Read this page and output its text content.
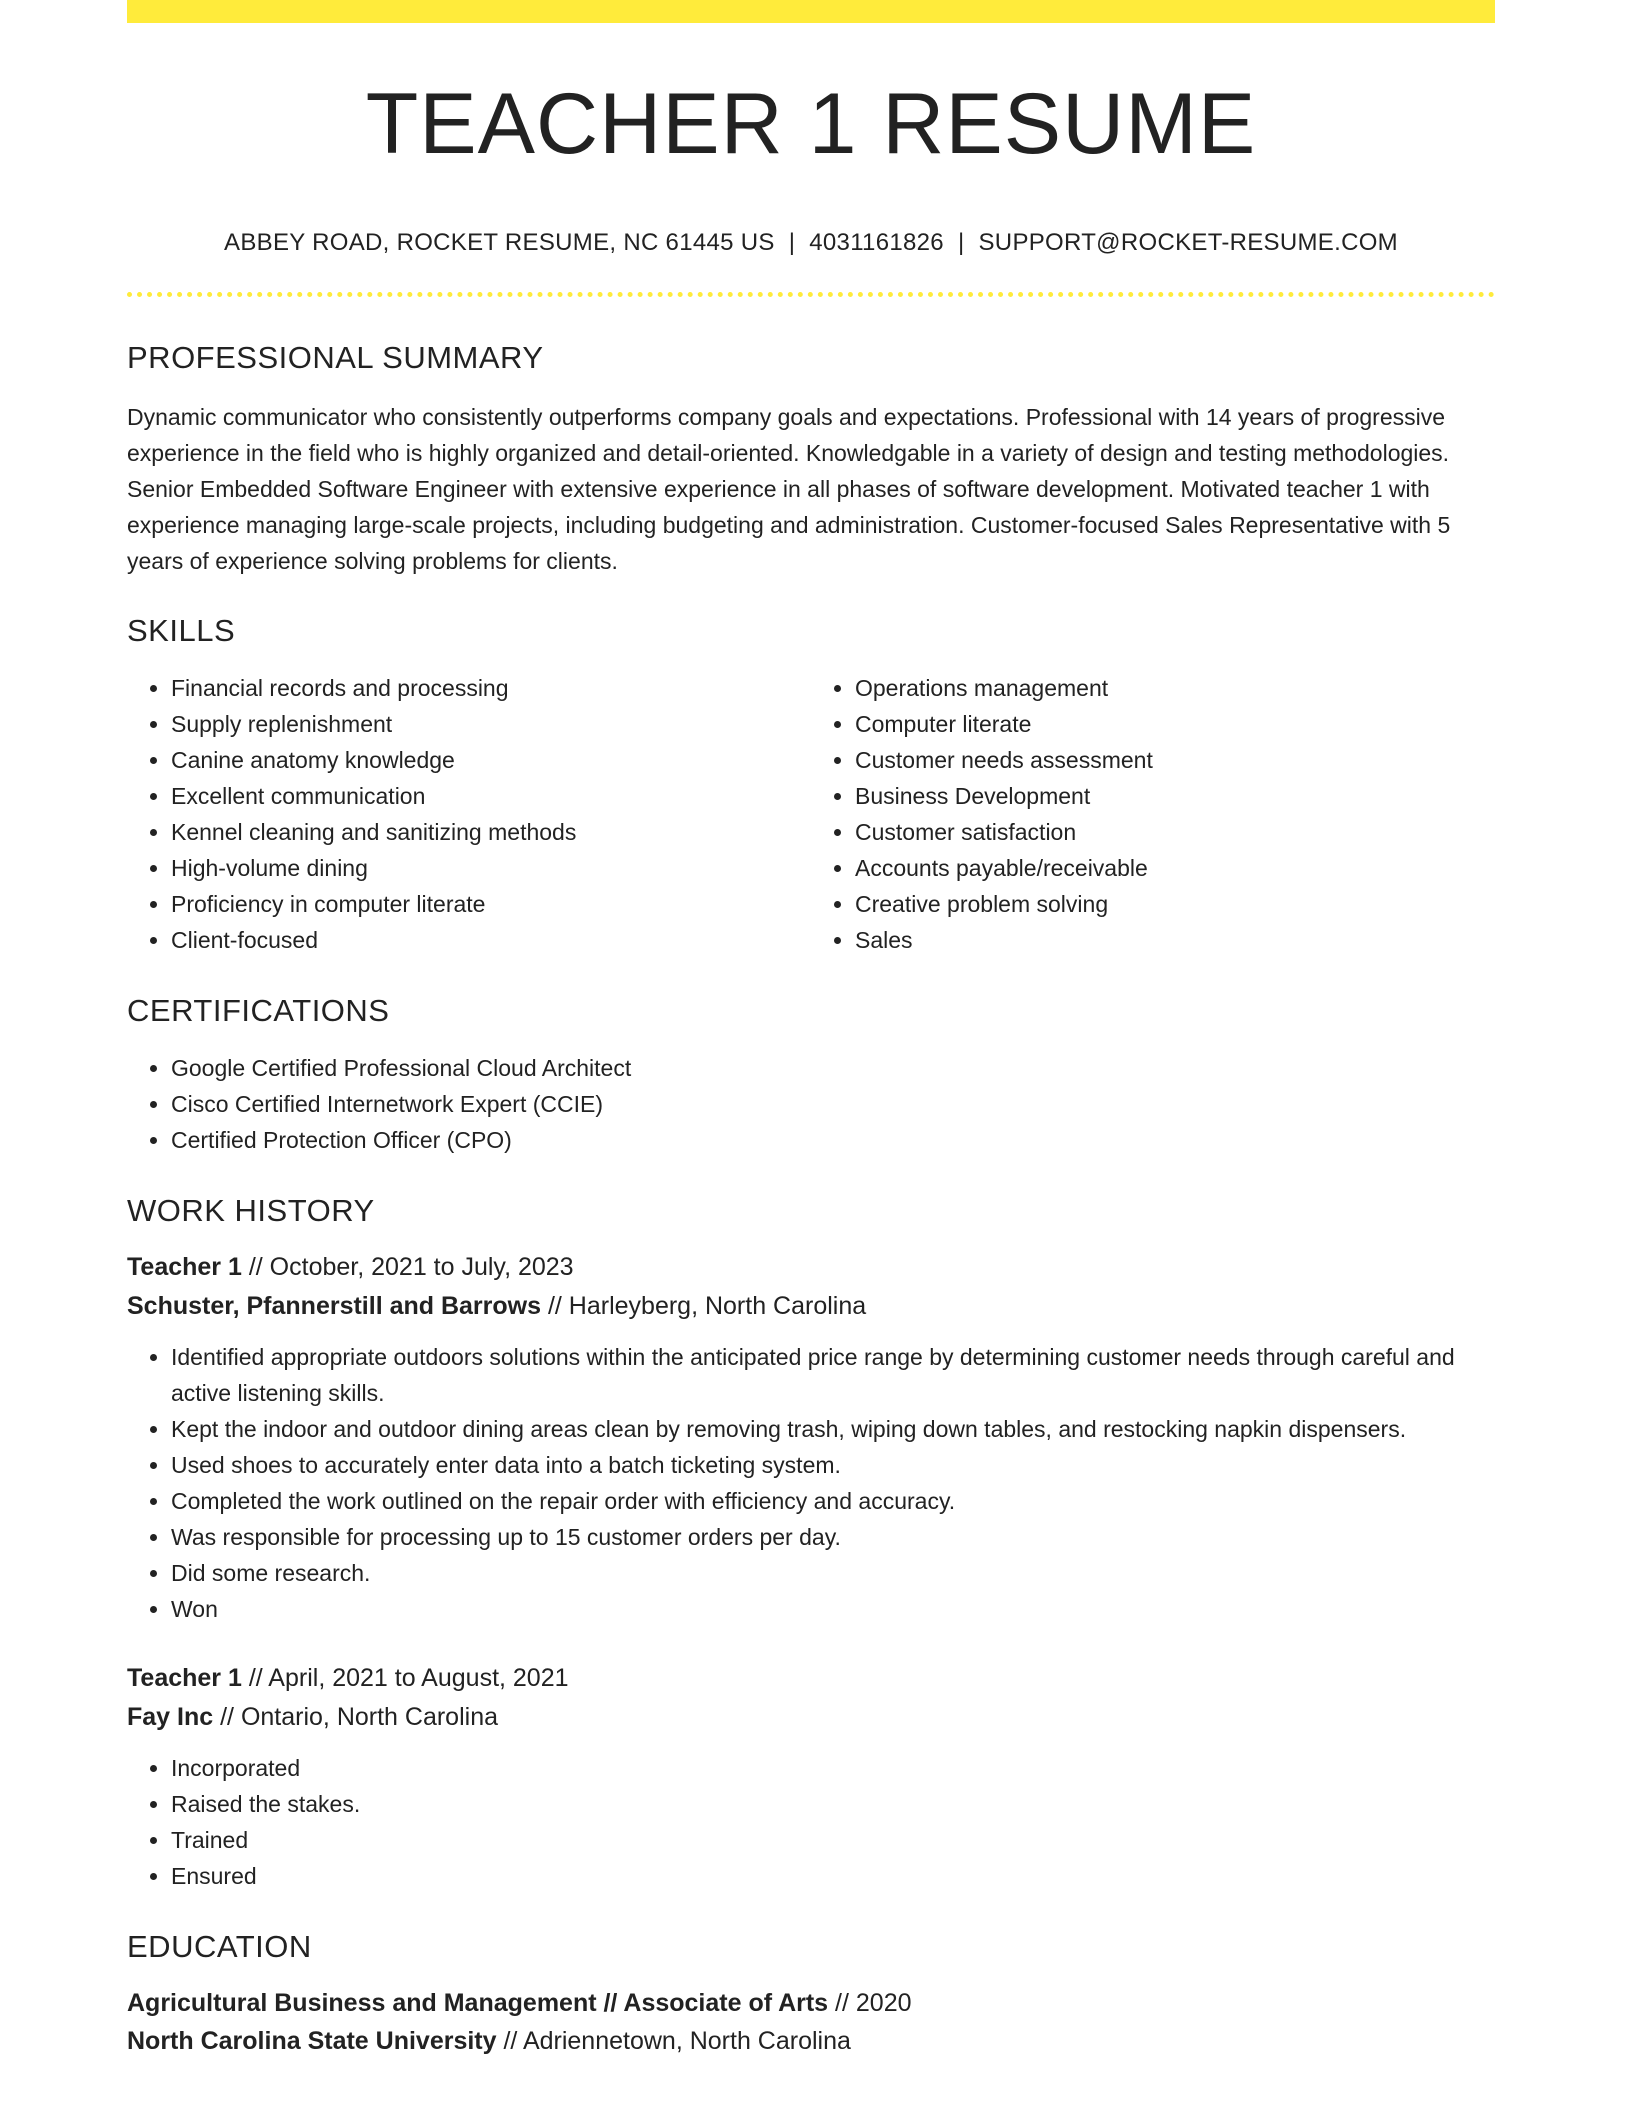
TEACHER 1 RESUME
ABBEY ROAD, ROCKET RESUME, NC 61445 US | 4031161826 | SUPPORT@ROCKET-RESUME.COM
PROFESSIONAL SUMMARY

Dynamic communicator who consistently outperforms company goals and expectations. Professional with 14 years of progressive experience in the field who is highly organized and detail-oriented. Knowledgable in a variety of design and testing methodologies. Senior Embedded Software Engineer with extensive experience in all phases of software development. Motivated teacher 1 with experience managing large-scale projects, including budgeting and administration. Customer-focused Sales Representative with 5 years of experience solving problems for clients.

SKILLS
• Financial records and processing
• Supply replenishment
• Canine anatomy knowledge
• Excellent communication
• Kennel cleaning and sanitizing methods
• High-volume dining
• Proficiency in computer literate
• Client-focused
• Operations management
• Computer literate
• Customer needs assessment
• Business Development
• Customer satisfaction
• Accounts payable/receivable
• Creative problem solving
• Sales
CERTIFICATIONS
• Google Certified Professional Cloud Architect
• Cisco Certified Internetwork Expert (CCIE)
• Certified Protection Officer (CPO)
WORK HISTORY
Teacher 1 // October, 2021 to July, 2023
Schuster, Pfannerstill and Barrows // Harleyberg, North Carolina
• Identified appropriate outdoors solutions within the anticipated price range by determining customer needs through careful and active listening skills.
• Kept the indoor and outdoor dining areas clean by removing trash, wiping down tables, and restocking napkin dispensers.
• Used shoes to accurately enter data into a batch ticketing system.
• Completed the work outlined on the repair order with efficiency and accuracy.
• Was responsible for processing up to 15 customer orders per day.
• Did some research.
• Won
Teacher 1 // April, 2021 to August, 2021
Fay Inc // Ontario, North Carolina
• Incorporated
• Raised the stakes.
• Trained
• Ensured
EDUCATION
Agricultural Business and Management // Associate of Arts // 2020
North Carolina State University // Adriennetown, North Carolina
